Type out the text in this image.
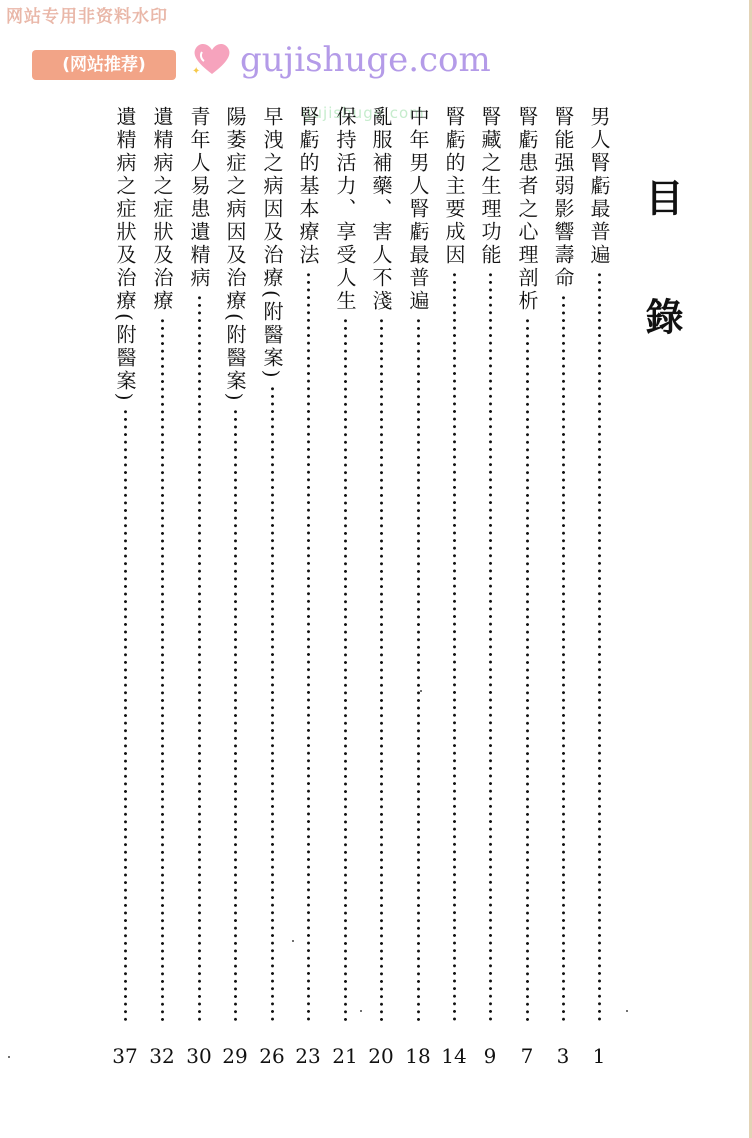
网站专用非资料水印
(网站推荐)	✦ gujishuge.com
gujishuge.com
目 錄
男人腎虧最普遍
1
腎能强弱影響壽命
3
腎虧患者之心理剖析
7
腎藏之生理功能
9
腎虧的主要成因
14
中年男人腎虧最普遍
18
亂服補藥、害人不淺
20
保持活力、享受人生
21
腎虧的基本療法
23
早洩之病因及治療(附醫案)
26
陽萎症之病因及治療(附醫案)
29
青年人易患遺精病
30
遺精病之症狀及治療
32
遺精病之症狀及治療(附醫案)
37
